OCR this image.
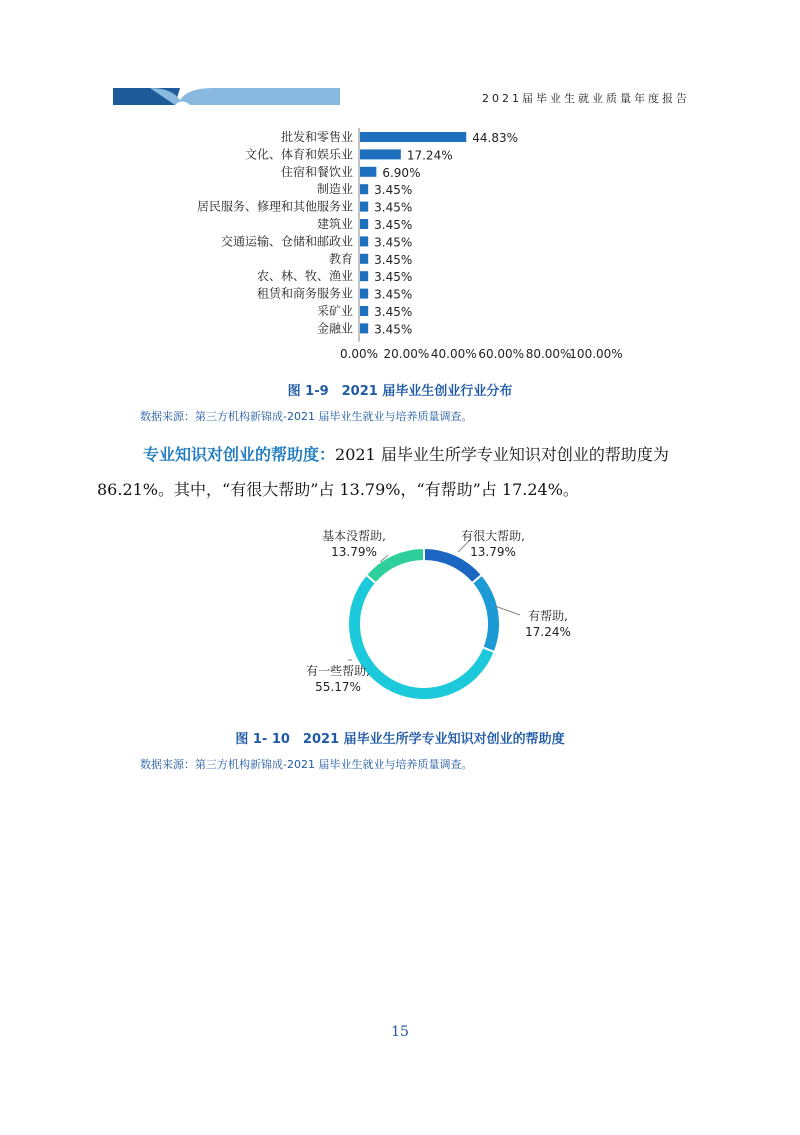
2021届毕业生就业质量年度报告
批发和零售业	44.83%
文化、体育和娱乐业	17.24%
住宿和餐饮业 6.90%
制造业 3.45%
居民服务、修理和其他服务业 3.45%
建筑业 3.45%
交通运输、仓储和邮政业 3.45%
教育 3.45%
农、林、牧、渔业 3.45%
租赁和商务服务业 3.45%
采矿业 3.45%
金融业 3.45%
0.00% 20.00% 40.00% 60.00% 80.00%
100.00%
图 1-9　2021 届毕业生创业行业分布
数据来源：第三方机构新锦成-2021 届毕业生就业与培养质量调查。
专业知识对创业的帮助度：2021 届毕业生所学专业知识对创业的帮助度为
86.21%。其中，“有很大帮助”占 13.79%，“有帮助”占 17.24%。
有很大帮助,
13.79%
有帮助,
17.24%
有一些帮助,
55.17%
基本没帮助,
13.79%
图 1- 10　2021 届毕业生所学专业知识对创业的帮助度
数据来源：第三方机构新锦成-2021 届毕业生就业与培养质量调查。
15
